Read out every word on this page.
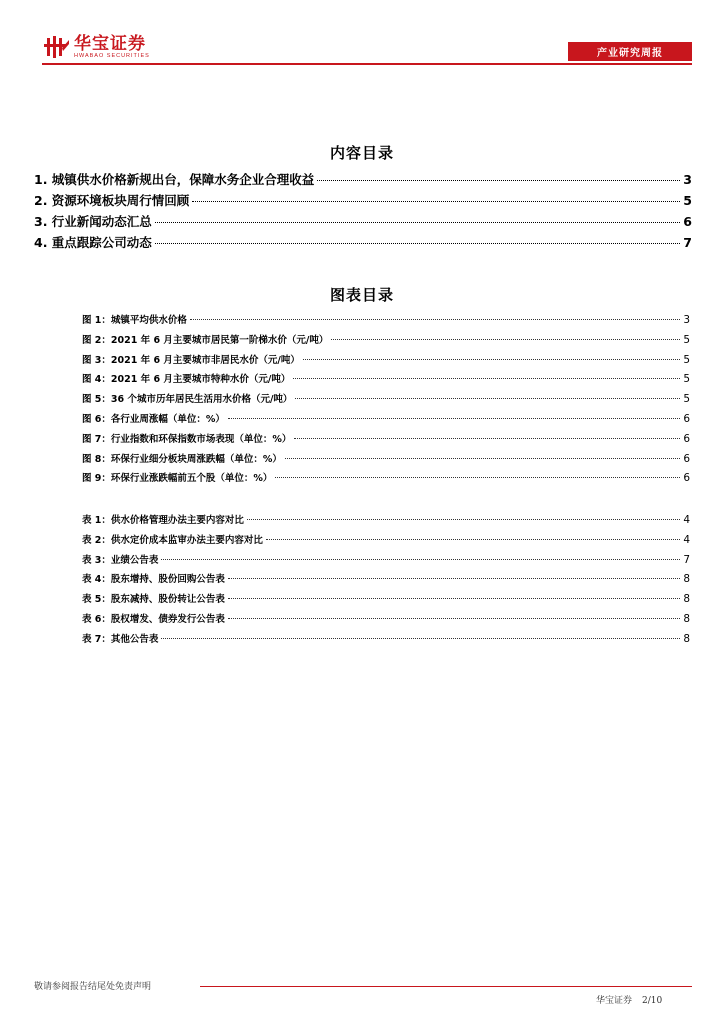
华宝证券
HWABAO SECURITIES	产业研究周报
内容目录
1. 城镇供水价格新规出台，保障水务企业合理收益	3
2. 资源环境板块周行情回顾	5
3. 行业新闻动态汇总	6
4. 重点跟踪公司动态	7
图表目录
图 1：城镇平均供水价格	3
图 2：2021 年 6 月主要城市居民第一阶梯水价（元/吨）	5
图 3：2021 年 6 月主要城市非居民水价（元/吨）	5
图 4：2021 年 6 月主要城市特种水价（元/吨）	5
图 5：36 个城市历年居民生活用水价格（元/吨）	5
图 6：各行业周涨幅（单位：%）	6
图 7：行业指数和环保指数市场表现（单位：%）	6
图 8：环保行业细分板块周涨跌幅（单位：%）	6
图 9：环保行业涨跌幅前五个股（单位：%）	6
表 1：供水价格管理办法主要内容对比	4
表 2：供水定价成本监审办法主要内容对比	4
表 3：业绩公告表	7
表 4：股东增持、股份回购公告表	8
表 5：股东减持、股份转让公告表	8
表 6：股权增发、债券发行公告表	8
表 7：其他公告表	8
敬请参阅报告结尾处免责声明
华宝证券 2/10
